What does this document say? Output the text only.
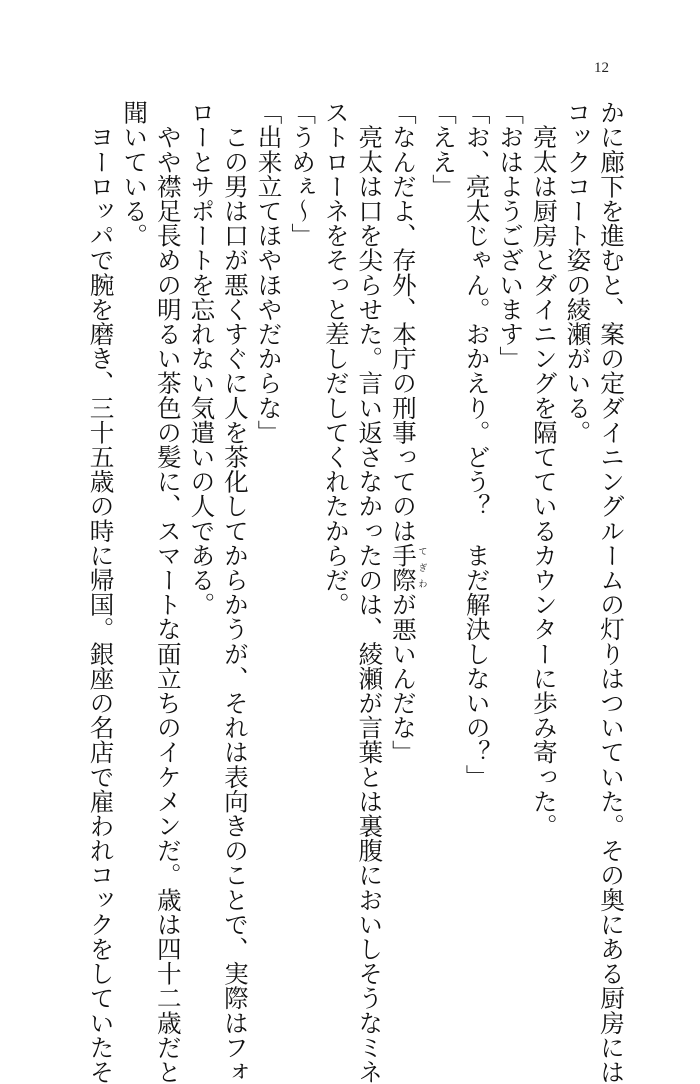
12
かに廊下を進むと、案の定ダイニングルームの灯りはついていた。その奥にある厨房には
コックコート姿の綾瀬がいる。
　亮太は厨房とダイニングを隔てているカウンターに歩み寄った。
「おはようございます」
「お、亮太じゃん。おかえり。どう？　まだ解決しないの？」
「ええ」
「なんだよ、存外、本庁の刑事ってのは手際てぎわが悪いんだな」
　亮太は口を尖らせた。言い返さなかったのは、綾瀬が言葉とは裏腹においしそうなミネ
ストローネをそっと差しだしてくれたからだ。
「うめぇ〜」
「出来立てほやほやだからな」
　この男は口が悪くすぐに人を茶化してからかうが、それは表向きのことで、実際はフォ
ローとサポートを忘れない気遣いの人である。
　やや襟足長めの明るい茶色の髪に、スマートな面立ちのイケメンだ。歳は四十二歳だと
聞いている。
　ヨーロッパで腕を磨き、三十五歳の時に帰国。銀座の名店で雇われコックをしていたそ
